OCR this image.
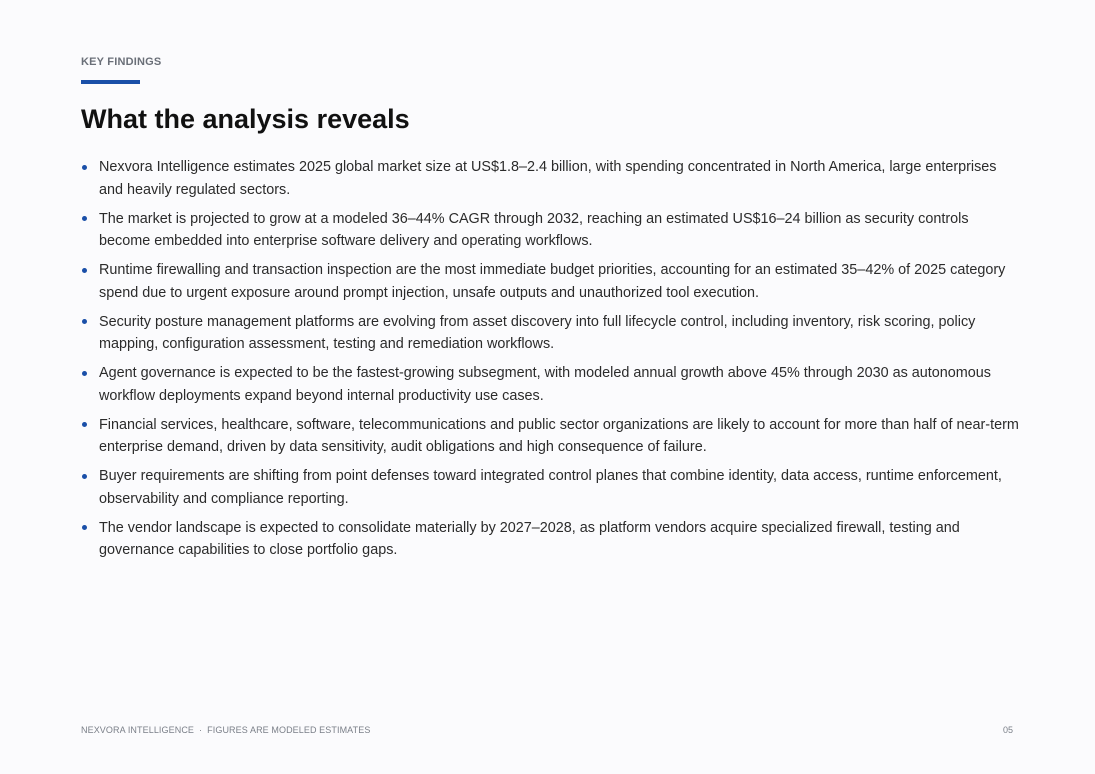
KEY FINDINGS
What the analysis reveals
Nexvora Intelligence estimates 2025 global market size at US$1.8–2.4 billion, with spending concentrated in North America, large enterprises and heavily regulated sectors.
The market is projected to grow at a modeled 36–44% CAGR through 2032, reaching an estimated US$16–24 billion as security controls become embedded into enterprise software delivery and operating workflows.
Runtime firewalling and transaction inspection are the most immediate budget priorities, accounting for an estimated 35–42% of 2025 category spend due to urgent exposure around prompt injection, unsafe outputs and unauthorized tool execution.
Security posture management platforms are evolving from asset discovery into full lifecycle control, including inventory, risk scoring, policy mapping, configuration assessment, testing and remediation workflows.
Agent governance is expected to be the fastest-growing subsegment, with modeled annual growth above 45% through 2030 as autonomous workflow deployments expand beyond internal productivity use cases.
Financial services, healthcare, software, telecommunications and public sector organizations are likely to account for more than half of near-term enterprise demand, driven by data sensitivity, audit obligations and high consequence of failure.
Buyer requirements are shifting from point defenses toward integrated control planes that combine identity, data access, runtime enforcement, observability and compliance reporting.
The vendor landscape is expected to consolidate materially by 2027–2028, as platform vendors acquire specialized firewall, testing and governance capabilities to close portfolio gaps.
NEXVORA INTELLIGENCE · FIGURES ARE MODELED ESTIMATES	05
